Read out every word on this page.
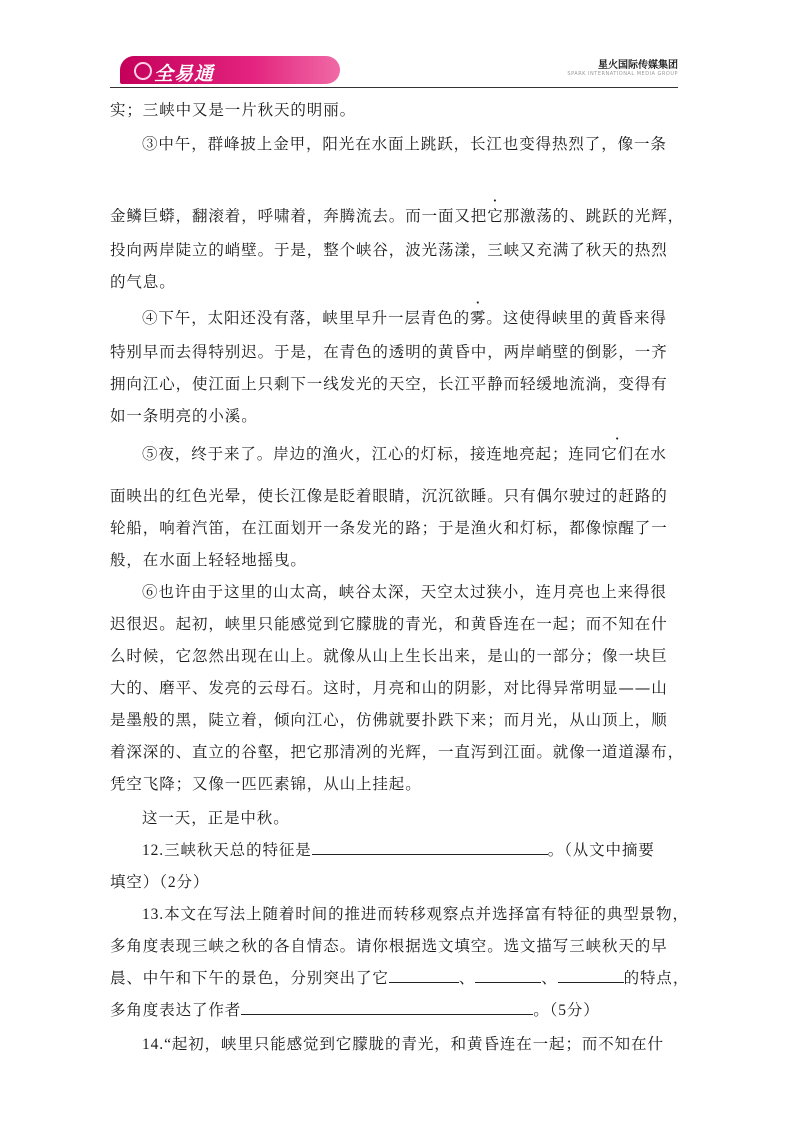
全易通	星火国际传媒集团
SPARK INTERNATIONAL MEDIA GROUP
实；三峡中又是一片秋天的明丽。
③中午，群峰披上金甲，阳光在水面上跳跃，长江也变得热烈了，像一条
金鳞巨蟒，翻滚着，呼啸着，奔腾流去。而一面又把它那激荡的、跳跃的光辉，
投向两岸陡立的峭壁。于是，整个峡谷，波光荡漾，三峡又充满了秋天的热烈
的气息。
④下午，太阳还没有落，峡里早升一层青色的雾。这使得峡里的黄昏来得
特别早而去得特别迟。于是，在青色的透明的黄昏中，两岸峭壁的倒影，一齐
拥向江心，使江面上只剩下一线发光的天空，长江平静而轻缓地流淌，变得有
如一条明亮的小溪。
⑤夜，终于来了。岸边的渔火，江心的灯标，接连地亮起；连同它们在水
面映出的红色光晕，使长江像是眨着眼睛，沉沉欲睡。只有偶尔驶过的赶路的
轮船，响着汽笛，在江面划开一条发光的路；于是渔火和灯标，都像惊醒了一
般，在水面上轻轻地摇曳。
⑥也许由于这里的山太高，峡谷太深，天空太过狭小，连月亮也上来得很
迟很迟。起初，峡里只能感觉到它朦胧的青光，和黄昏连在一起；而不知在什
么时候，它忽然出现在山上。就像从山上生长出来，是山的一部分；像一块巨
大的、磨平、发亮的云母石。这时，月亮和山的阴影，对比得异常明显——山
是墨般的黑，陡立着，倾向江心，仿佛就要扑跌下来；而月光，从山顶上，顺
着深深的、直立的谷壑，把它那清冽的光辉，一直泻到江面。就像一道道瀑布，
凭空飞降；又像一匹匹素锦，从山上挂起。
这一天，正是中秋。
12.三峡秋天总的特征是	。（从文中摘要
填空）（2分）
13.本文在写法上随着时间的推进而转移观察点并选择富有特征的典型景物，
多角度表现三峡之秋的各自情态。请你根据选文填空。选文描写三峡秋天的早
晨、中午和下午的景色，分别突出了它	、	、	的特点，
多角度表达了作者	。（5分）
14.“起初，峡里只能感觉到它朦胧的青光，和黄昏连在一起；而不知在什
